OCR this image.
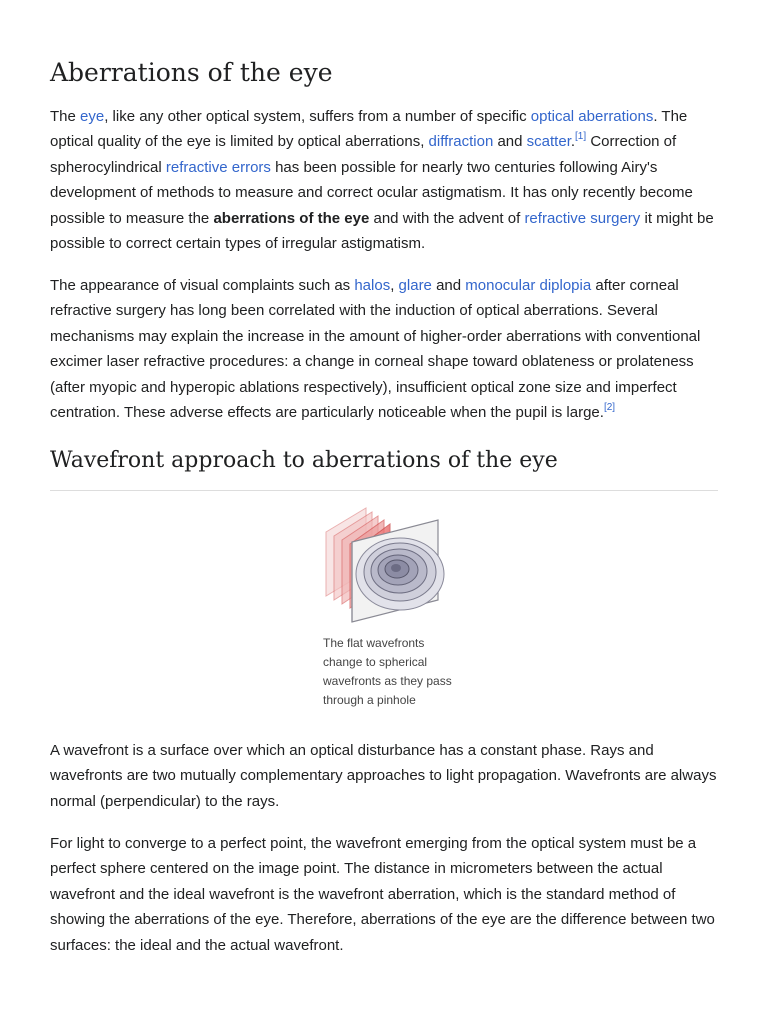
Aberrations of the eye

The eye, like any other optical system, suffers from a number of specific optical aberrations. The optical quality of the eye is limited by optical aberrations, diffraction and scatter.[1] Correction of spherocylindrical refractive errors has been possible for nearly two centuries following Airy's development of methods to measure and correct ocular astigmatism. It has only recently become possible to measure the aberrations of the eye and with the advent of refractive surgery it might be possible to correct certain types of irregular astigmatism.

The appearance of visual complaints such as halos, glare and monocular diplopia after corneal refractive surgery has long been correlated with the induction of optical aberrations. Several mechanisms may explain the increase in the amount of higher-order aberrations with conventional excimer laser refractive procedures: a change in corneal shape toward oblateness or prolateness (after myopic and hyperopic ablations respectively), insufficient optical zone size and imperfect centration. These adverse effects are particularly noticeable when the pupil is large.[2]

Wavefront approach to aberrations of the eye

The flat wavefronts change to spherical wavefronts as they pass through a pinhole

A wavefront is a surface over which an optical disturbance has a constant phase. Rays and wavefronts are two mutually complementary approaches to light propagation. Wavefronts are always normal (perpendicular) to the rays.

For light to converge to a perfect point, the wavefront emerging from the optical system must be a perfect sphere centered on the image point. The distance in micrometers between the actual wavefront and the ideal wavefront is the wavefront aberration, which is the standard method of showing the aberrations of the eye. Therefore, aberrations of the eye are the difference between two surfaces: the ideal and the actual wavefront.
